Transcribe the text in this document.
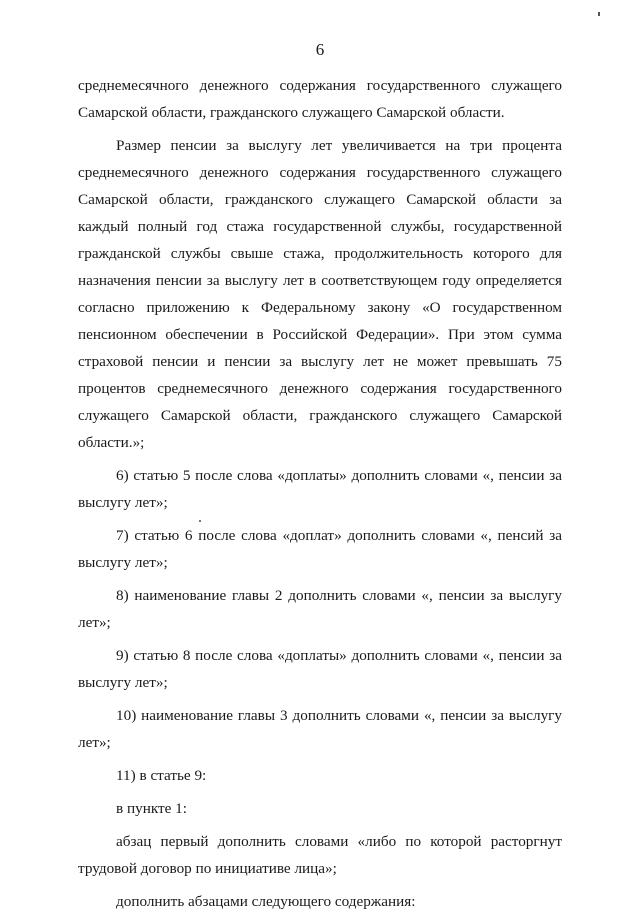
6

среднемесячного денежного содержания государственного служащего Самарской области, гражданского служащего Самарской области.

Размер пенсии за выслугу лет увеличивается на три процента среднемесячного денежного содержания государственного служащего Самарской области, гражданского служащего Самарской области за каждый полный год стажа государственной службы, государственной гражданской службы свыше стажа, продолжительность которого для назначения пенсии за выслугу лет в соответствующем году определяется согласно приложению к Федеральному закону «О государственном пенсионном обеспечении в Российской Федерации». При этом сумма страховой пенсии и пенсии за выслугу лет не может превышать 75 процентов среднемесячного денежного содержания государственного служащего Самарской области, гражданского служащего Самарской области.»;

6) статью 5 после слова «доплаты» дополнить словами «, пенсии за выслугу лет»;

7) статью 6 после слова «доплат» дополнить словами «, пенсий за выслугу лет»;

8) наименование главы 2 дополнить словами «, пенсии за выслугу лет»;

9) статью 8 после слова «доплаты» дополнить словами «, пенсии за выслугу лет»;

10) наименование главы 3 дополнить словами «, пенсии за выслугу лет»;

11) в статье 9:

в пункте 1:

абзац первый дополнить словами «либо по которой расторгнут трудовой договор по инициативе лица»;

дополнить абзацами следующего содержания:
